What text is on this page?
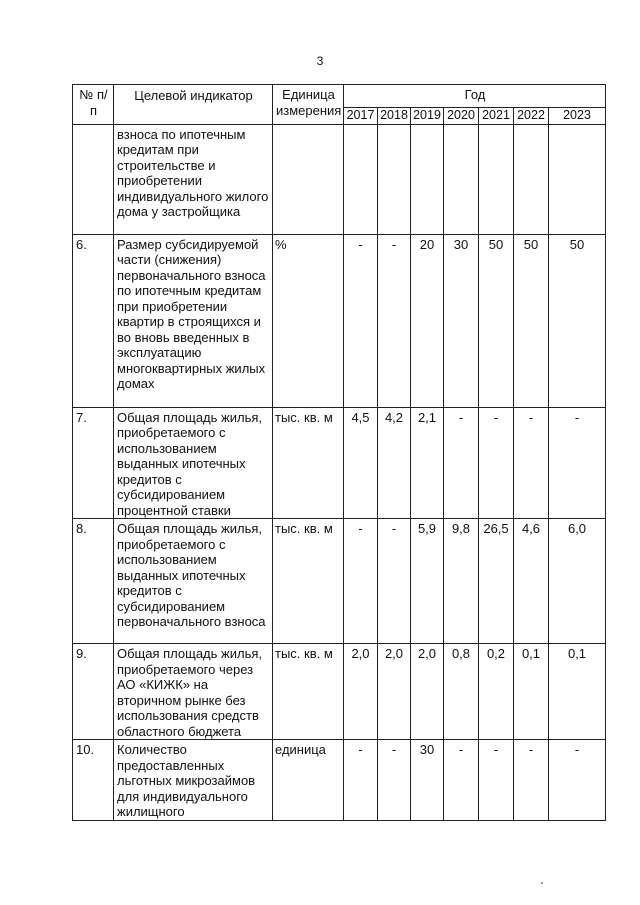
3
№ п/п	Целевой индикатор	Единица измерения	Год						
			2017	2018	2019	2020	2021	2022	2023
	взноса по ипотечным кредитам при строительстве и приобретении индивидуального жилого дома у застройщика								
6.	Размер субсидируемой части (снижения) первоначального взноса по ипотечным кредитам при приобретении квартир в строящихся и во вновь введенных в эксплуатацию многоквартирных жилых домах	%	-	-	20	30	50	50	50
7.	Общая площадь жилья, приобретаемого с использованием выданных ипотечных кредитов с субсидированием процентной ставки	тыс. кв. м	4,5	4,2	2,1	-	-	-	-
8.	Общая площадь жилья, приобретаемого с использованием выданных ипотечных кредитов с субсидированием первоначального взноса	тыс. кв. м	-	-	5,9	9,8	26,5	4,6	6,0
9.	Общая площадь жилья, приобретаемого через АО «КИЖК» на вторичном рынке без использования средств областного бюджета	тыс. кв. м	2,0	2,0	2,0	0,8	0,2	0,1	0,1
10.	Количество предоставленных льготных микрозаймов для индивидуального жилищного	единица	-	-	30	-	-	-	-
